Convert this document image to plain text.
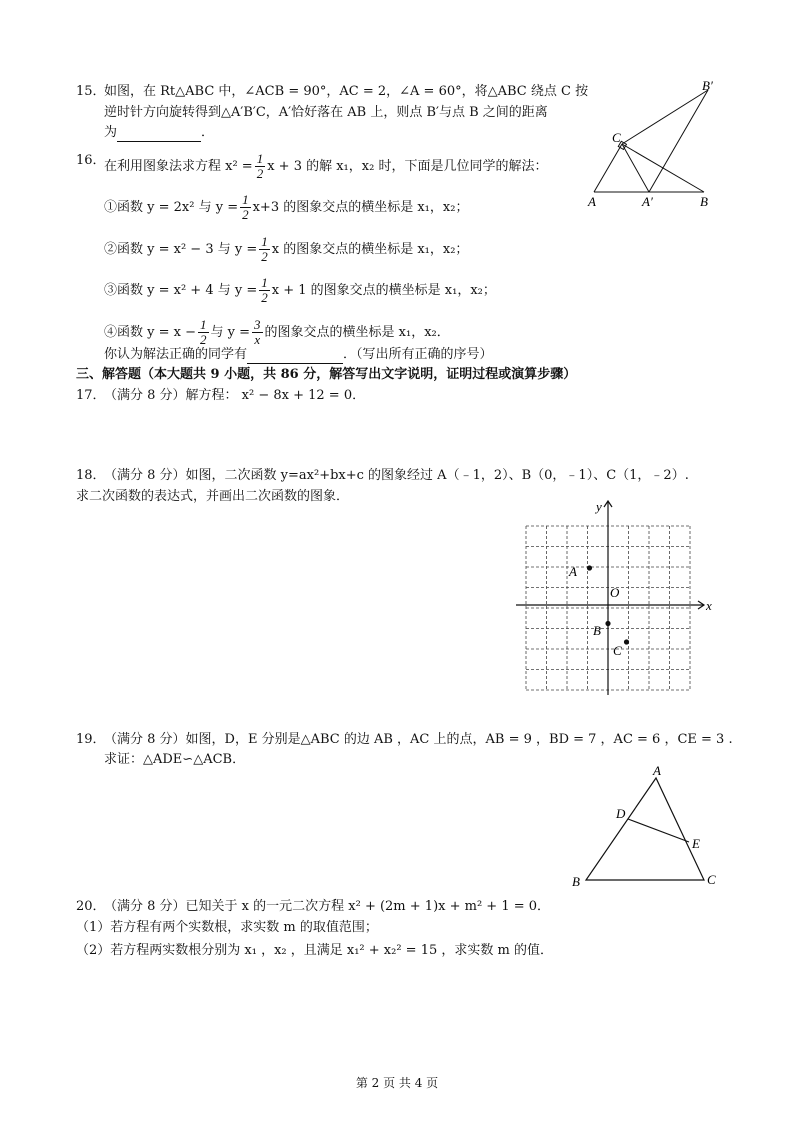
15．
如图，在 Rt△ABC 中，∠ACB = 90°，AC = 2，∠A = 60°，将△ABC 绕点 C 按
逆时针方向旋转得到△A′B′C，A′恰好落在 AB 上，则点 B′与点 B 之间的距离
为	．
B′
C
A	A′	B
16．
在利用图象法求方程 $x^2 = \frac{1}{2}$ x + 3 的解 x₁，x₂ 时，下面是几位同学的解法：
①函数 y = 2x² 与 $y = \frac{1}{2} x+3$ 的图象交点的横坐标是 x₁，x₂；
②函数 y = x² − 3 与 $y = \frac{1}{2}$ x 的图象交点的横坐标是 x₁，x₂；
③函数 y = x² + 4 与 $y = \frac{1}{2}$ x + 1 的图象交点的横坐标是 x₁，x₂；
④函数 $y = x - \frac{1}{2}$ 与 $y = \frac{3}{x}$ 的图象交点的横坐标是 x₁，x₂．
你认为解法正确的同学有	．（写出所有正确的序号）
三、解答题（本大题共 9 小题，共 86 分，解答写出文字说明，证明过程或演算步骤）
17．
（满分 8 分）解方程： x² − 8x + 12 = 0．
18．
（满分 8 分）如图，二次函数 y=ax²+bx+c 的图象经过 A（﹣1，2）、B（0，﹣1）、C（1，﹣2）.
求二次函数的表达式，并画出二次函数的图象．
x
y
O
A
B
C
19．
（满分 8 分）如图，D，E 分别是△ABC 的边 AB ，AC 上的点，AB = 9 ，BD = 7 ，AC = 6 ，CE = 3 .
求证：△ADE∽△ACB．
A
D
E
B	C
20．
（满分 8 分）已知关于 x 的一元二次方程 x² + (2m + 1)x + m² + 1 = 0．
（1）若方程有两个实数根，求实数 m 的取值范围；
（2）若方程两实数根分别为 x₁ ，x₂ ，且满足 x₁² + x₂² = 15 ，求实数 m 的值．
第 2 页 共 4 页
